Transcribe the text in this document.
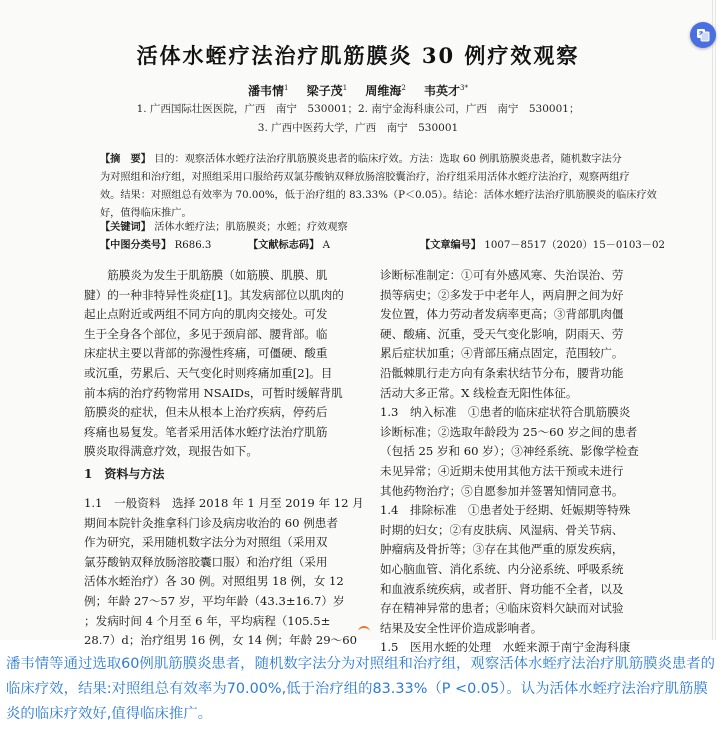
活体水蛭疗法治疗肌筋膜炎 30 例疗效观察
潘韦情$^1$ 梁子茂$^1$ 周维海$^2$ 韦英才$^{3*}$
1. 广西国际壮医医院，广西　南宁　530001；2. 南宁金海科康公司，广西　南宁　530001；
3. 广西中医药大学，广西　南宁　530001
【摘　要】 目的：观察活体水蛭疗法治疗肌筋膜炎患者的临床疗效。方法：选取 60 例肌筋膜炎患者，随机数字法分
为对照组和治疗组，对照组采用口服给药双氯芬酸钠双释放肠溶胶囊治疗，治疗组采用活体水蛭疗法治疗，观察两组疗
效。结果：对照组总有效率为 70.00%，低于治疗组的 83.33%（P＜0.05）。结论：活体水蛭疗法治疗肌筋膜炎的临床疗效
好，值得临床推广。
【关键词】 活体水蛭疗法；肌筋膜炎；水蛭；疗效观察
【中图分类号】 R686.3	【文献标志码】 A	【文章编号】 1007－8517（2020）15－0103－02
筋膜炎为发生于肌筋膜（如筋膜、肌膜、肌
腱）的一种非特异性炎症[1]。其发病部位以肌肉的
起止点附近或两组不同方向的肌肉交接处。可发
生于全身各个部位，多见于颈肩部、腰背部。临
床症状主要以背部的弥漫性疼痛，可僵硬、酸重
或沉重，劳累后、天气变化时则疼痛加重[2]。目
前本病的治疗药物常用 NSAIDs，可暂时缓解背肌
筋膜炎的症状，但未从根本上治疗疾病，停药后
疼痛也易复发。笔者采用活体水蛭疗法治疗肌筋
膜炎取得满意疗效，现报告如下。
1　资料与方法
1.1　一般资料　选择 2018 年 1 月至 2019 年 12 月
期间本院针灸推拿科门诊及病房收治的 60 例患者
作为研究，采用随机数字法分为对照组（采用双
氯芬酸钠双释放肠溶胶囊口服）和治疗组（采用
活体水蛭治疗）各 30 例。对照组男 18 例，女 12
例；年龄 27～57 岁，平均年龄（43.3±16.7）岁
；发病时间 4 个月至 6 年，平均病程（105.5±
28.7）d；治疗组男 16 例，女 14 例；年龄 29～60
诊断标准制定：①可有外感风寒、失治误治、劳
损等病史；②多发于中老年人，两肩胛之间为好
发位置，体力劳动者发病率更高；③背部肌肉僵
硬、酸痛、沉重，受天气变化影响，阴雨天、劳
累后症状加重；④背部压痛点固定，范围较广。
沿骶棘肌行走方向有条索状结节分布，腰背功能
活动大多正常。X 线检查无阳性体征。
1.3　纳入标准　①患者的临床症状符合肌筋膜炎
诊断标准；②选取年龄段为 25～60 岁之间的患者
（包括 25 岁和 60 岁）；③神经系统、影像学检查
未见异常；④近期未使用其他方法干预或未进行
其他药物治疗；⑤自愿参加并签署知情同意书。
1.4　排除标准　①患者处于经期、妊娠期等特殊
时期的妇女；②有皮肤病、风湿病、骨关节病、
肿瘤病及骨折等；③存在其他严重的原发疾病，
如心脑血管、消化系统、内分泌系统、呼吸系统
和血液系统疾病，或者肝、肾功能不全者，以及
存在精神异常的患者；④临床资料欠缺而对试验
结果及安全性评价造成影响者。
1.5　医用水蛭的处理　水蛭来源于南宁金海科康
潘韦情等通过选取60例肌筋膜炎患者，随机数字法分为对照组和治疗组，观察活体水蛭疗法治疗肌筋膜炎患者的临床疗效，结果:对照组总有效率为70.00%,低于治疗组的83.33%（P <0.05）。认为活体水蛭疗法治疗肌筋膜炎的临床疗效好,值得临床推广。
